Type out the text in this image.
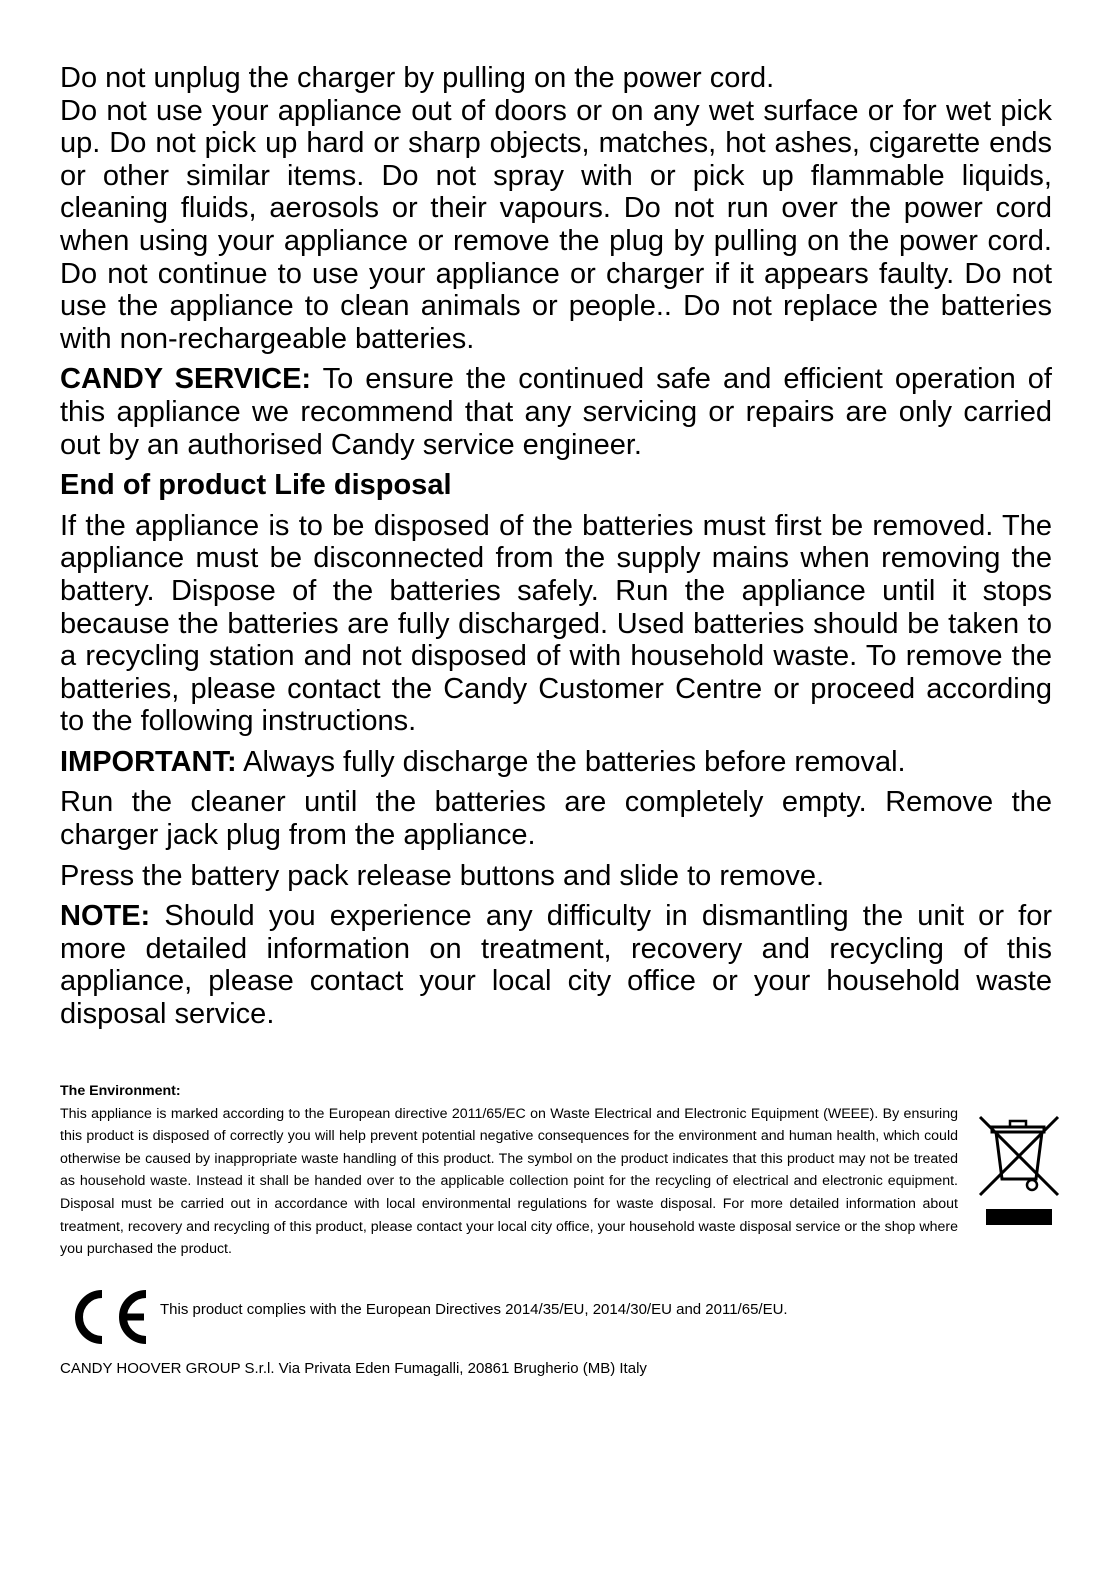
Do not unplug the charger by pulling on the power cord.

Do not use your appliance out of doors or on any wet surface or for wet pick up. Do not pick up hard or sharp objects, matches, hot ashes, cigarette ends or other similar items. Do not spray with or pick up flammable liquids, cleaning fluids, aerosols or their vapours. Do not run over the power cord when using your appliance or remove the plug by pulling on the power cord. Do not continue to use your appliance or charger if it appears faulty. Do not use the appliance to clean animals or people.. Do not replace the batteries with non-rechargeable batteries.

CANDY SERVICE: To ensure the continued safe and efficient operation of this appliance we recommend that any servicing or repairs are only carried out by an authorised Candy service engineer.

End of product Life disposal

If the appliance is to be disposed of the batteries must first be removed. The appliance must be disconnected from the supply mains when removing the battery. Dispose of the batteries safely. Run the appliance until it stops because the batteries are fully discharged. Used batteries should be taken to a recycling station and not disposed of with household waste. To remove the batteries, please contact the Candy Customer Centre or proceed according to the following instructions.

IMPORTANT: Always fully discharge the batteries before removal.

Run the cleaner until the batteries are completely empty. Remove the charger jack plug from the appliance.

Press the battery pack release buttons and slide to remove.

NOTE: Should you experience any difficulty in dismantling the unit or for more detailed information on treatment, recovery and recycling of this appliance, please contact your local city office or your household waste disposal service.

The Environment:

This appliance is marked according to the European directive 2011/65/EC on Waste Electrical and Electronic Equipment (WEEE). By ensuring this product is disposed of correctly you will help prevent potential negative consequences for the environment and human health, which could otherwise be caused by inappropriate waste handling of this product. The symbol on the product indicates that this product may not be treated as household waste. Instead it shall be handed over to the applicable collection point for the recycling of electrical and electronic equipment. Disposal must be carried out in accordance with local environmental regulations for waste disposal. For more detailed information about treatment, recovery and recycling of this product, please contact your local city office, your household waste disposal service or the shop where you purchased the product.

This product complies with the European Directives 2014/35/EU, 2014/30/EU and 2011/65/EU.
CANDY HOOVER GROUP S.r.l. Via Privata Eden Fumagalli, 20861 Brugherio (MB) Italy
